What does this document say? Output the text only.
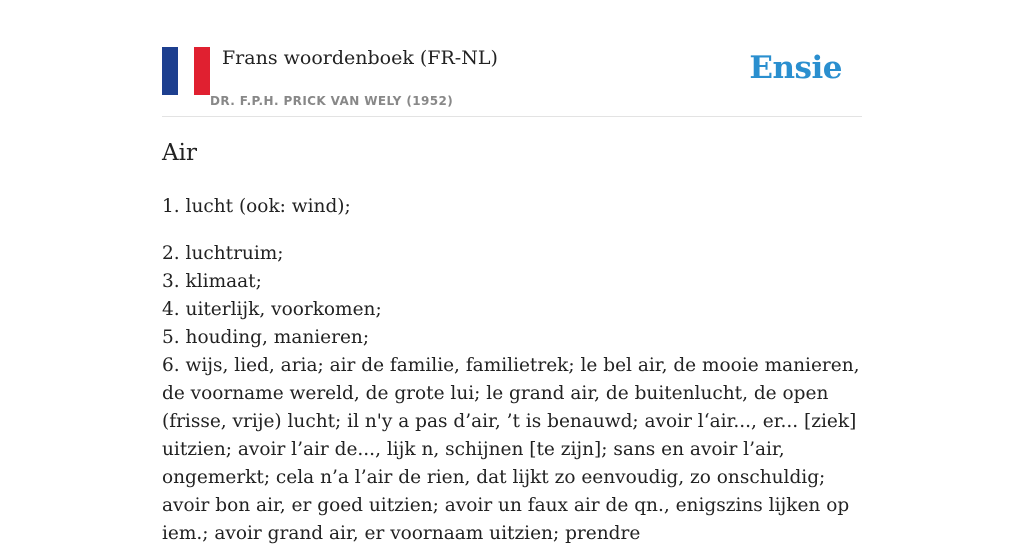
Frans woordenboek (FR-NL)
DR. F.P.H. PRICK VAN WELY (1952)
Ensie
Air

1. lucht (ook: wind);

2. luchtruim;

3. klimaat;

4. uiterlijk, voorkomen;

5. houding, manieren;

6. wijs, lied, aria; air de familie, familietrek; le bel air, de mooie manieren, de voorname wereld, de grote lui; le grand air, de buitenlucht, de open (frisse, vrije) lucht; il n'y a pas d’air, ’t is benauwd; avoir l‘air..., er... [ziek] uitzien; avoir l’air de..., lijk n, schijnen [te zijn]; sans en avoir l’air, ongemerkt; cela n’a l’air de rien, dat lijkt zo eenvoudig, zo onschuldig; avoir bon air, er goed uitzien; avoir un faux air de qn., enigszins lijken op iem.; avoir grand air, er voornaam uitzien; prendre
